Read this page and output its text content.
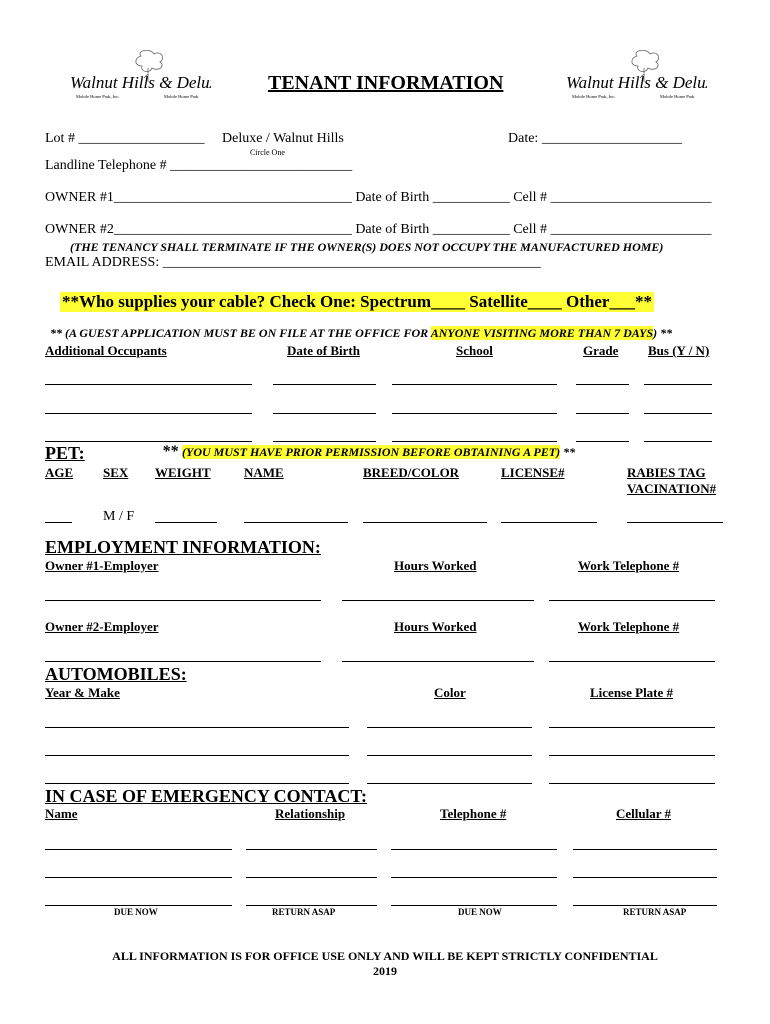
Walnut Hills & Deluxe
Mobile Home Park, Inc.	Mobile Home Park
Walnut Hills & Deluxe
Mobile Home Park, Inc.	Mobile Home Park
TENANT INFORMATION
Lot # __________________ Deluxe / Walnut Hills
Circle One
Date: ____________________
Landline Telephone # __________________________
OWNER #1__________________________________ Date of Birth ___________ Cell # _______________________
OWNER #2__________________________________ Date of Birth ___________ Cell # _______________________
(THE TENANCY SHALL TERMINATE IF THE OWNER(S) DOES NOT OCCUPY THE MANUFACTURED HOME)
EMAIL ADDRESS: ______________________________________________________
**Who supplies your cable? Check One: Spectrum____ Satellite____ Other___**
** (A GUEST APPLICATION MUST BE ON FILE AT THE OFFICE FOR ANYONE VISITING MORE THAN 7 DAYS) **
Additional Occupants	Date of Birth	School	Grade Bus (Y / N)
PET:	** (YOU MUST HAVE PRIOR PERMISSION BEFORE OBTAINING A PET) **
AGE SEX WEIGHT	NAME	BREED/COLOR	LICENSE#	RABIES TAG
VACINATION#
M / F
EMPLOYMENT INFORMATION:
Owner #1-Employer	Hours Worked	Work Telephone #
Owner #2-Employer	Hours Worked	Work Telephone #
AUTOMOBILES:
Year & Make	Color	License Plate #
IN CASE OF EMERGENCY CONTACT:
Name	Relationship	Telephone #	Cellular #
DUE NOW	RETURN ASAP	DUE NOW	RETURN ASAP
ALL INFORMATION IS FOR OFFICE USE ONLY AND WILL BE KEPT STRICTLY CONFIDENTIAL
2019
